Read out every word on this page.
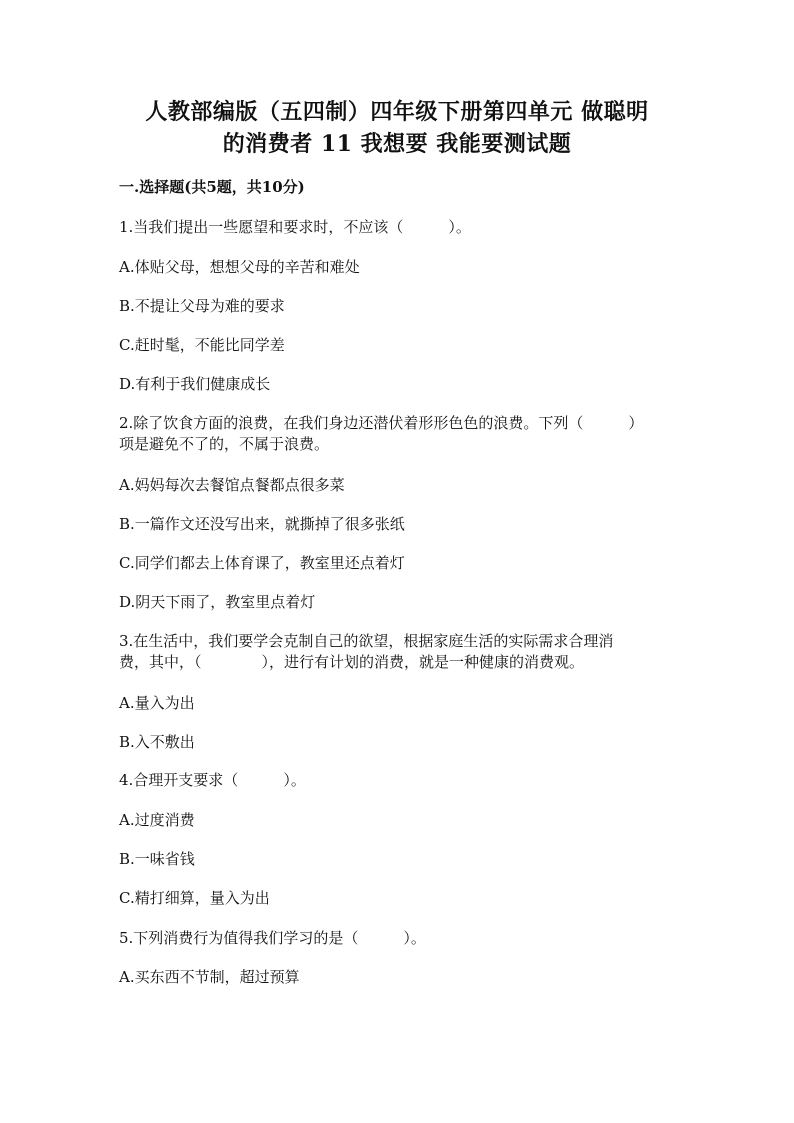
人教部编版（五四制）四年级下册第四单元 做聪明
的消费者 11 我想要 我能要测试题
一.选择题(共5题，共10分)
1.当我们提出一些愿望和要求时，不应该（　　　）。
A.体贴父母，想想父母的辛苦和难处
B.不提让父母为难的要求
C.赶时髦，不能比同学差
D.有利于我们健康成长
2.除了饮食方面的浪费，在我们身边还潜伏着形形色色的浪费。下列（　　　）
项是避免不了的，不属于浪费。
A.妈妈每次去餐馆点餐都点很多菜
B.一篇作文还没写出来，就撕掉了很多张纸
C.同学们都去上体育课了，教室里还点着灯
D.阴天下雨了，教室里点着灯
3.在生活中，我们要学会克制自己的欲望，根据家庭生活的实际需求合理消
费，其中，（　　　　），进行有计划的消费，就是一种健康的消费观。
A.量入为出
B.入不敷出
4.合理开支要求（　　　）。
A.过度消费
B.一味省钱
C.精打细算，量入为出
5.下列消费行为值得我们学习的是（　　　）。
A.买东西不节制，超过预算
